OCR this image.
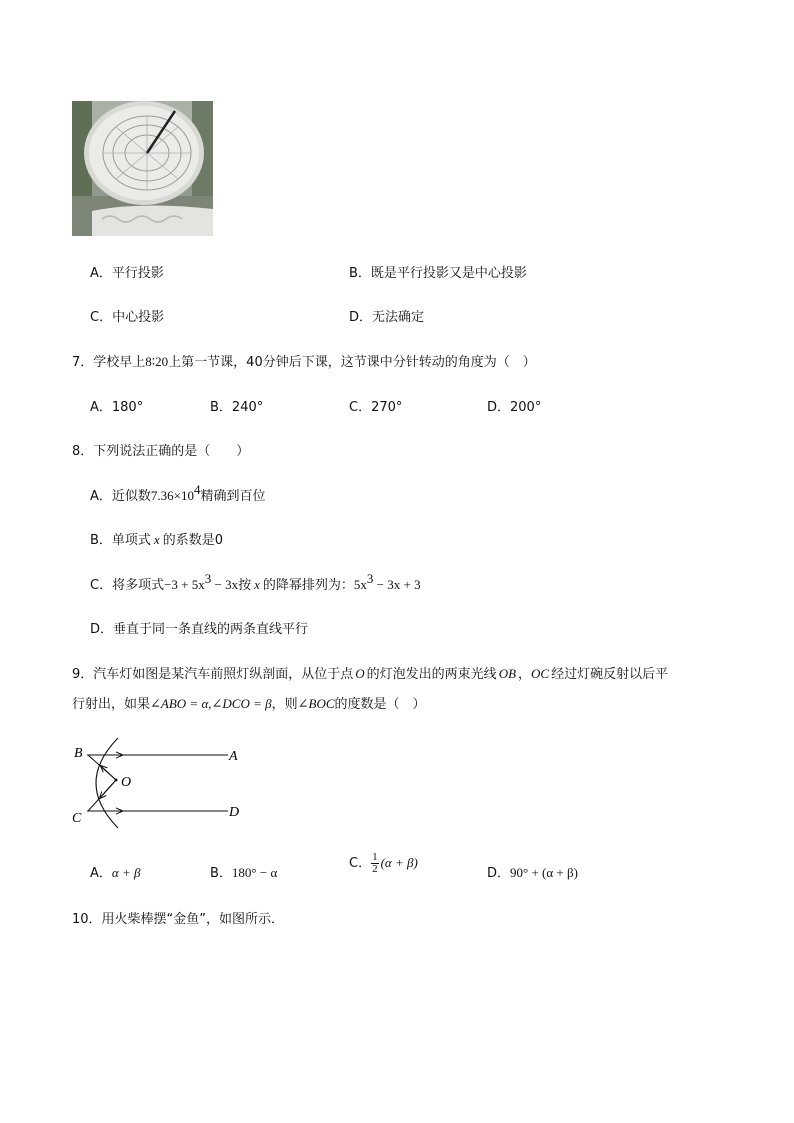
A．平行投影	B．既是平行投影又是中心投影
C．中心投影	D．无法确定
7．学校早上8∶20上第一节课，40分钟后下课，这节课中分针转动的角度为（　）
A．180°	B．240°	C．270°	D．200°
8．下列说法正确的是（　　）
A．近似数$7.36\times 10^4$精确到百位
B．单项式 x 的系数是0
C．将多项式$-3 + 5x^3 - 3x$按 x 的降幂排列为：$5x^3 - 3x + 3$
D．垂直于同一条直线的两条直线平行
9．汽车灯如图是某汽车前照灯纵剖面，从位于点 O 的灯泡发出的两束光线 OB ，OC 经过灯碗反射以后平
行射出，如果∠ABO = α,∠DCO = β，则∠BOC的度数是（　）
B	A
O
C	D
A．α + β	B．180° − α
C． $\frac{1}{2} (\alpha + \beta)$
D．90° + (α + β)
10．用火柴棒摆“金鱼”，如图所示．
